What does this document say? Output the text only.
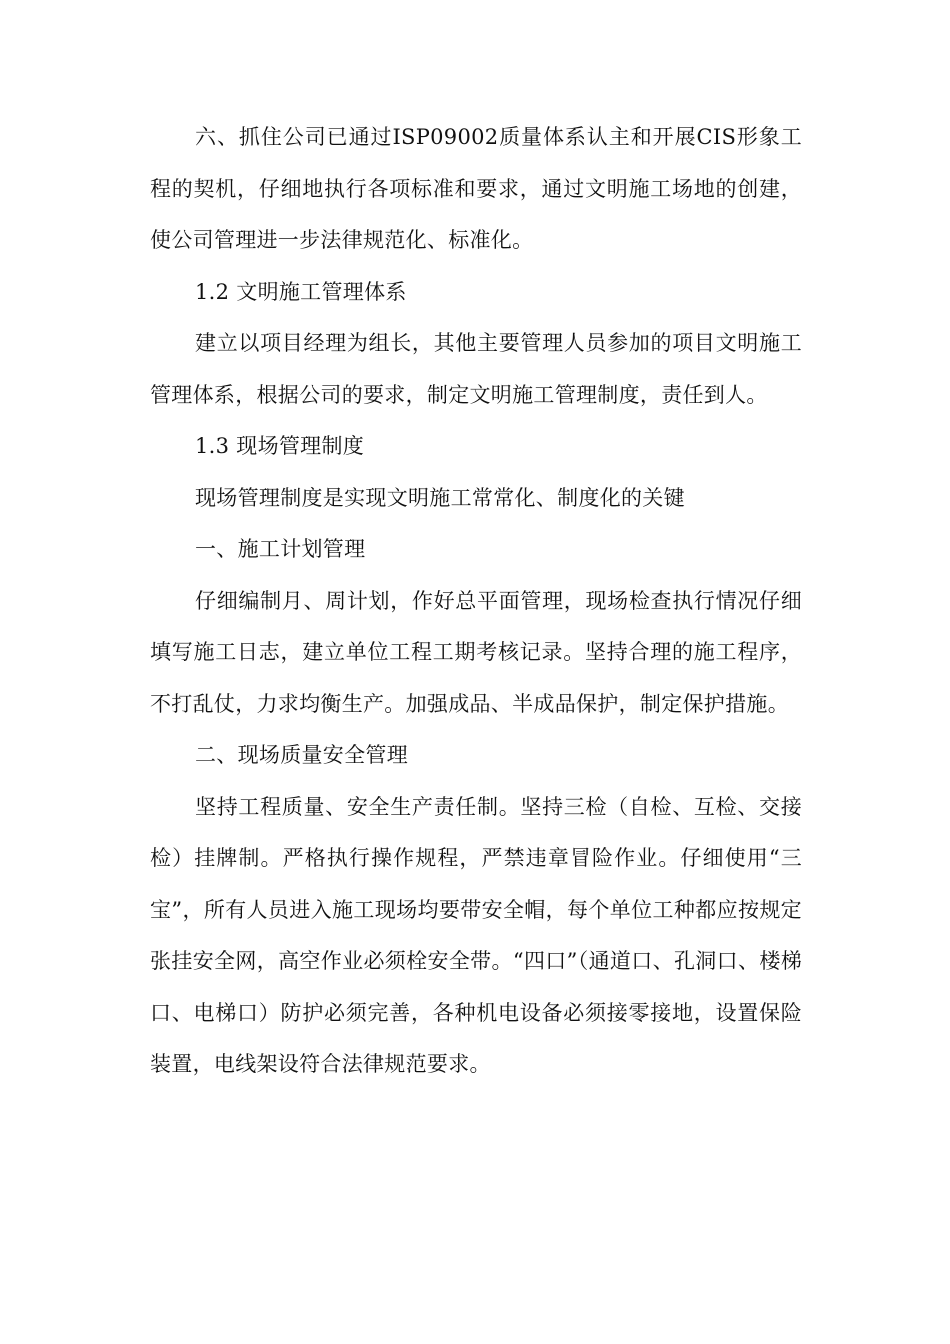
六、抓住公司已通过ISP09002质量体系认主和开展CIS形象工程的契机，仔细地执行各项标准和要求，通过文明施工场地的创建，使公司管理进一步法律规范化、标准化。

1.2 文明施工管理体系

建立以项目经理为组长，其他主要管理人员参加的项目文明施工管理体系，根据公司的要求，制定文明施工管理制度，责任到人。

1.3 现场管理制度

现场管理制度是实现文明施工常常化、制度化的关键

一、施工计划管理

仔细编制月、周计划，作好总平面管理，现场检查执行情况仔细填写施工日志，建立单位工程工期考核记录。坚持合理的施工程序，不打乱仗，力求均衡生产。加强成品、半成品保护，制定保护措施。

二、现场质量安全管理

坚持工程质量、安全生产责任制。坚持三检（自检、互检、交接检）挂牌制。严格执行操作规程，严禁违章冒险作业。仔细使用“三宝”，所有人员进入施工现场均要带安全帽，每个单位工种都应按规定张挂安全网，高空作业必须栓安全带。“四口”（通道口、孔洞口、楼梯口、电梯口）防护必须完善，各种机电设备必须接零接地，设置保险装置，电线架设符合法律规范要求。
